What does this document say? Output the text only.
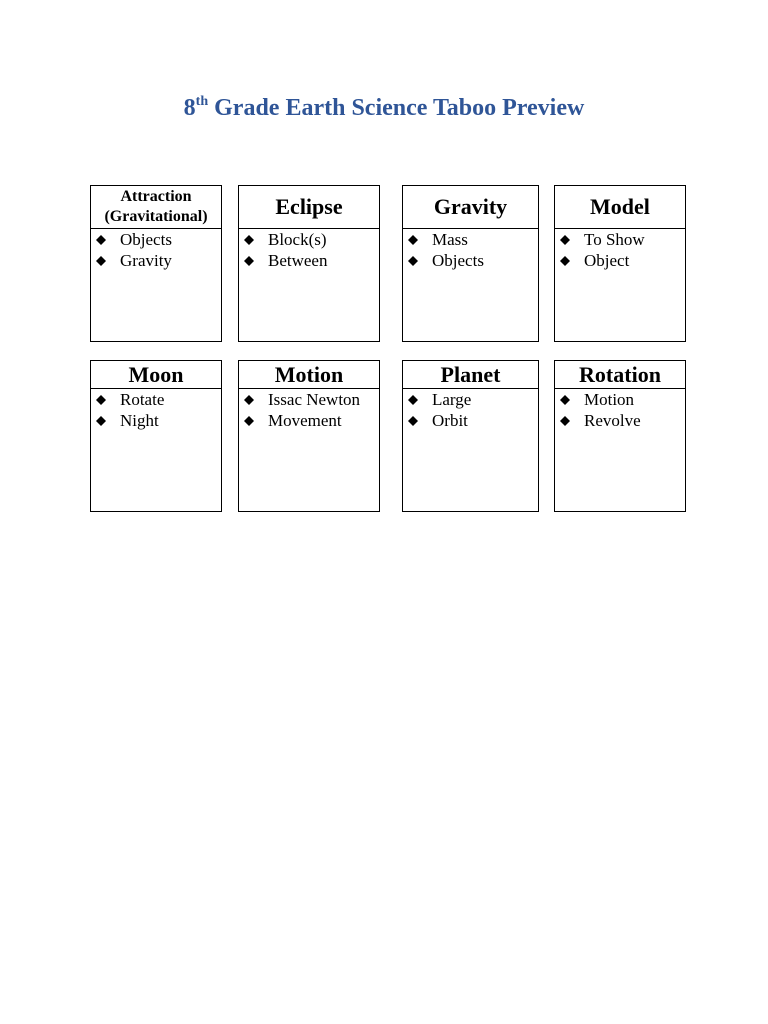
8th Grade Earth Science Taboo Preview
Attraction
(Gravitational)
Objects
Gravity
Eclipse
Block(s)
Between
Gravity
Mass
Objects
Model
To Show
Object
Moon
Rotate
Night
Motion
Issac Newton
Movement
Planet
Large
Orbit
Rotation
Motion
Revolve
